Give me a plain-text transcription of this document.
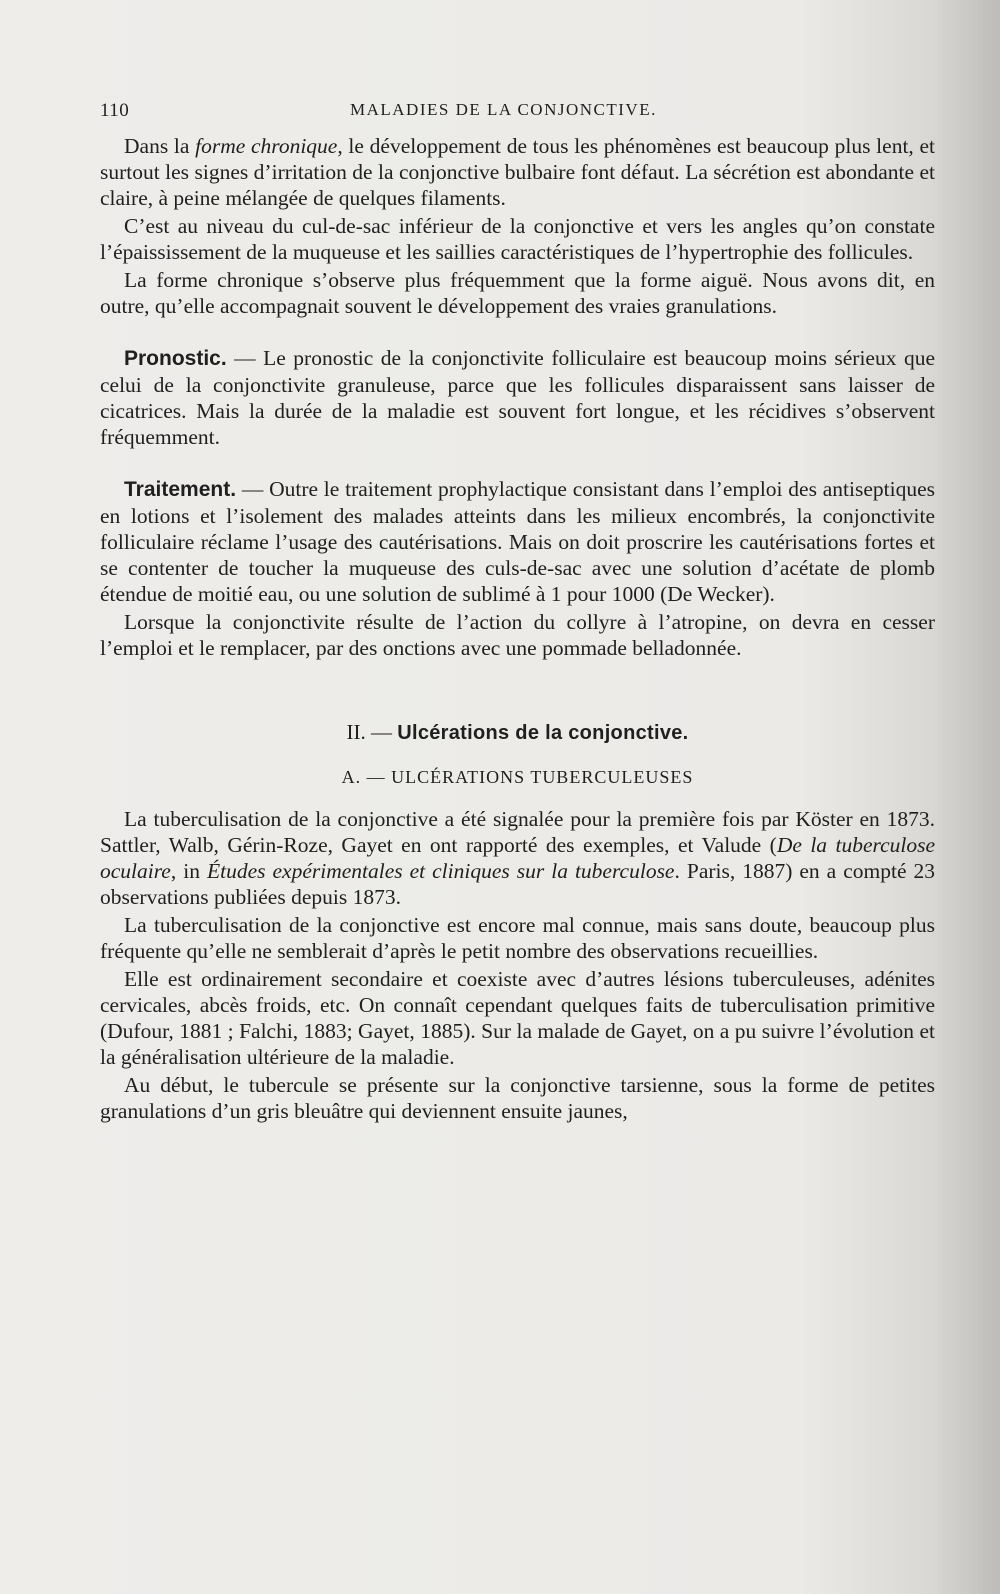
110	MALADIES DE LA CONJONCTIVE.

Dans la forme chronique, le développement de tous les phénomènes est beaucoup plus lent, et surtout les signes d’irritation de la conjonctive bulbaire font défaut. La sécrétion est abondante et claire, à peine mélangée de quelques filaments.

C’est au niveau du cul-de-sac inférieur de la conjonctive et vers les angles qu’on constate l’épaississement de la muqueuse et les saillies caractéristiques de l’hypertrophie des follicules.

La forme chronique s’observe plus fréquemment que la forme aiguë. Nous avons dit, en outre, qu’elle accompagnait souvent le développement des vraies granulations.

Pronostic. — Le pronostic de la conjonctivite folliculaire est beaucoup moins sérieux que celui de la conjonctivite granuleuse, parce que les follicules disparaissent sans laisser de cicatrices. Mais la durée de la maladie est souvent fort longue, et les récidives s’observent fréquemment.

Traitement. — Outre le traitement prophylactique consistant dans l’emploi des antiseptiques en lotions et l’isolement des malades atteints dans les milieux encombrés, la conjonctivite folliculaire réclame l’usage des cautérisations. Mais on doit proscrire les cautérisations fortes et se contenter de toucher la muqueuse des culs-de-sac avec une solution d’acétate de plomb étendue de moitié eau, ou une solution de sublimé à 1 pour 1000 (De Wecker).

Lorsque la conjonctivite résulte de l’action du collyre à l’atropine, on devra en cesser l’emploi et le remplacer, par des onctions avec une pommade belladonnée.

II. — Ulcérations de la conjonctive.
A. — ULCÉRATIONS TUBERCULEUSES

La tuberculisation de la conjonctive a été signalée pour la première fois par Köster en 1873. Sattler, Walb, Gérin-Roze, Gayet en ont rapporté des exemples, et Valude (De la tuberculose oculaire, in Études expérimentales et cliniques sur la tuberculose. Paris, 1887) en a compté 23 observations publiées depuis 1873.

La tuberculisation de la conjonctive est encore mal connue, mais sans doute, beaucoup plus fréquente qu’elle ne semblerait d’après le petit nombre des observations recueillies.

Elle est ordinairement secondaire et coexiste avec d’autres lésions tuberculeuses, adénites cervicales, abcès froids, etc. On connaît cependant quelques faits de tuberculisation primitive (Dufour, 1881 ; Falchi, 1883; Gayet, 1885). Sur la malade de Gayet, on a pu suivre l’évolution et la généralisation ultérieure de la maladie.

Au début, le tubercule se présente sur la conjonctive tarsienne, sous la forme de petites granulations d’un gris bleuâtre qui deviennent ensuite jaunes,
